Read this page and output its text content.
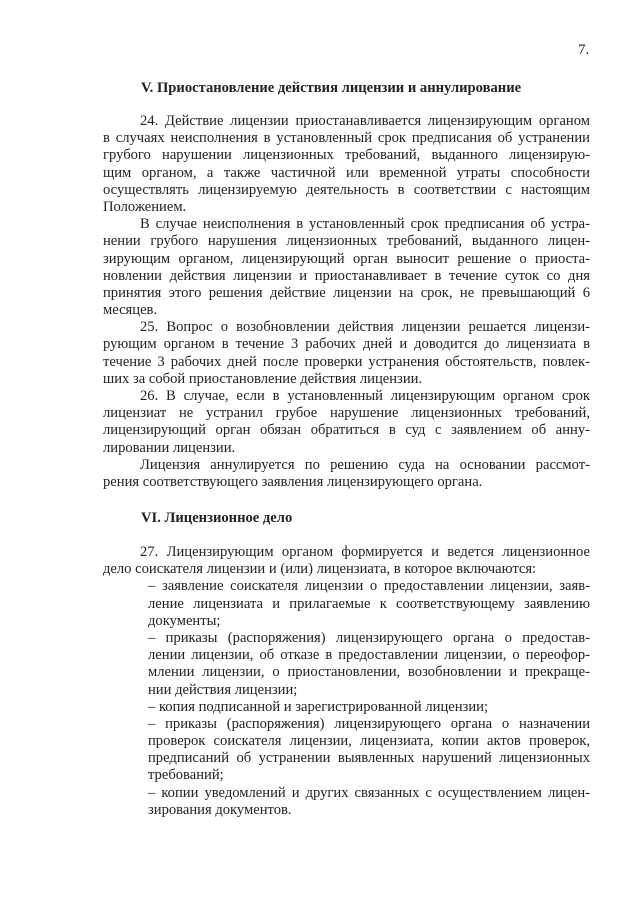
7.
V. Приостановление действия лицензии и аннулирование
24. Действие лицензии приостанавливается лицензирующим органом
в случаях неисполнения в установленный срок предписания об устранении
грубого нарушении лицензионных требований, выданного лицензирую-
щим органом, а также частичной или временной утраты способности
осуществлять лицензируемую деятельность в соответствии с настоящим
Положением.
В случае неисполнения в установленный срок предписания об устра-
нении грубого нарушения лицензионных требований, выданного лицен-
зирующим органом, лицензирующий орган выносит решение о приоста-
новлении действия лицензии и приостанавливает в течение суток со дня
принятия этого решения действие лицензии на срок, не превышающий 6
месяцев.
25. Вопрос о возобновлении действия лицензии решается лицензи-
рующим органом в течение 3 рабочих дней и доводится до лицензиата в
течение 3 рабочих дней после проверки устранения обстоятельств, повлек-
ших за собой приостановление действия лицензии.
26. В случае, если в установленный лицензирующим органом срок
лицензиат не устранил грубое нарушение лицензионных требований,
лицензирующий орган обязан обратиться в суд с заявлением об анну-
лировании лицензии.
Лицензия аннулируется по решению суда на основании рассмот-
рения соответствующего заявления лицензирующего органа.
VI. Лицензионное дело
27. Лицензирующим органом формируется и ведется лицензионное
дело соискателя лицензии и (или) лицензиата, в которое включаются:
– заявление соискателя лицензии о предоставлении лицензии, заяв-
ление лицензиата и прилагаемые к соответствующему заявлению
документы;
– приказы (распоряжения) лицензирующего органа о предостав-
лении лицензии, об отказе в предоставлении лицензии, о переофор-
млении лицензии, о приостановлении, возобновлении и прекраще-
нии действия лицензии;
– копия подписанной и зарегистрированной лицензии;
– приказы (распоряжения) лицензирующего органа о назначении
проверок соискателя лицензии, лицензиата, копии актов проверок,
предписаний об устранении выявленных нарушений лицензионных
требований;
– копии уведомлений и других связанных с осуществлением лицен-
зирования документов.
